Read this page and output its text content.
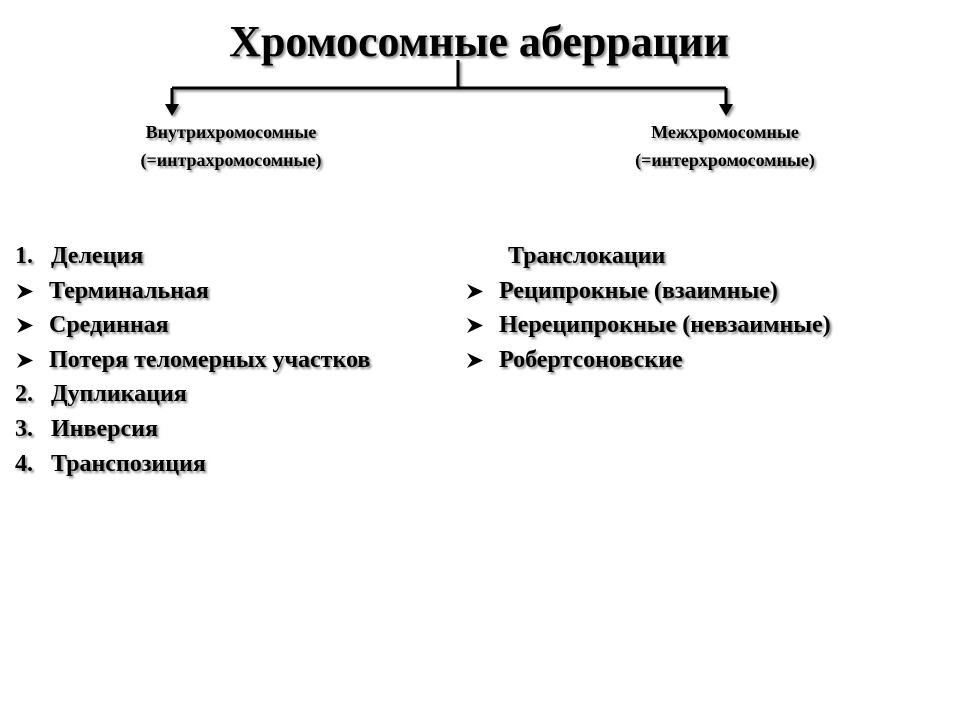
Хромосомные аберрации
Внутрихромосомные
(=интрахромосомные)
Межхромосомные
(=интерхромосомные)
1. Делеция
Терминальная
Срединная
Потеря теломерных участков
2. Дупликация
3. Инверсия
4. Транспозиция
Транслокации
Реципрокные (взаимные)
Нереципрокные (невзаимные)
Робертсоновские
